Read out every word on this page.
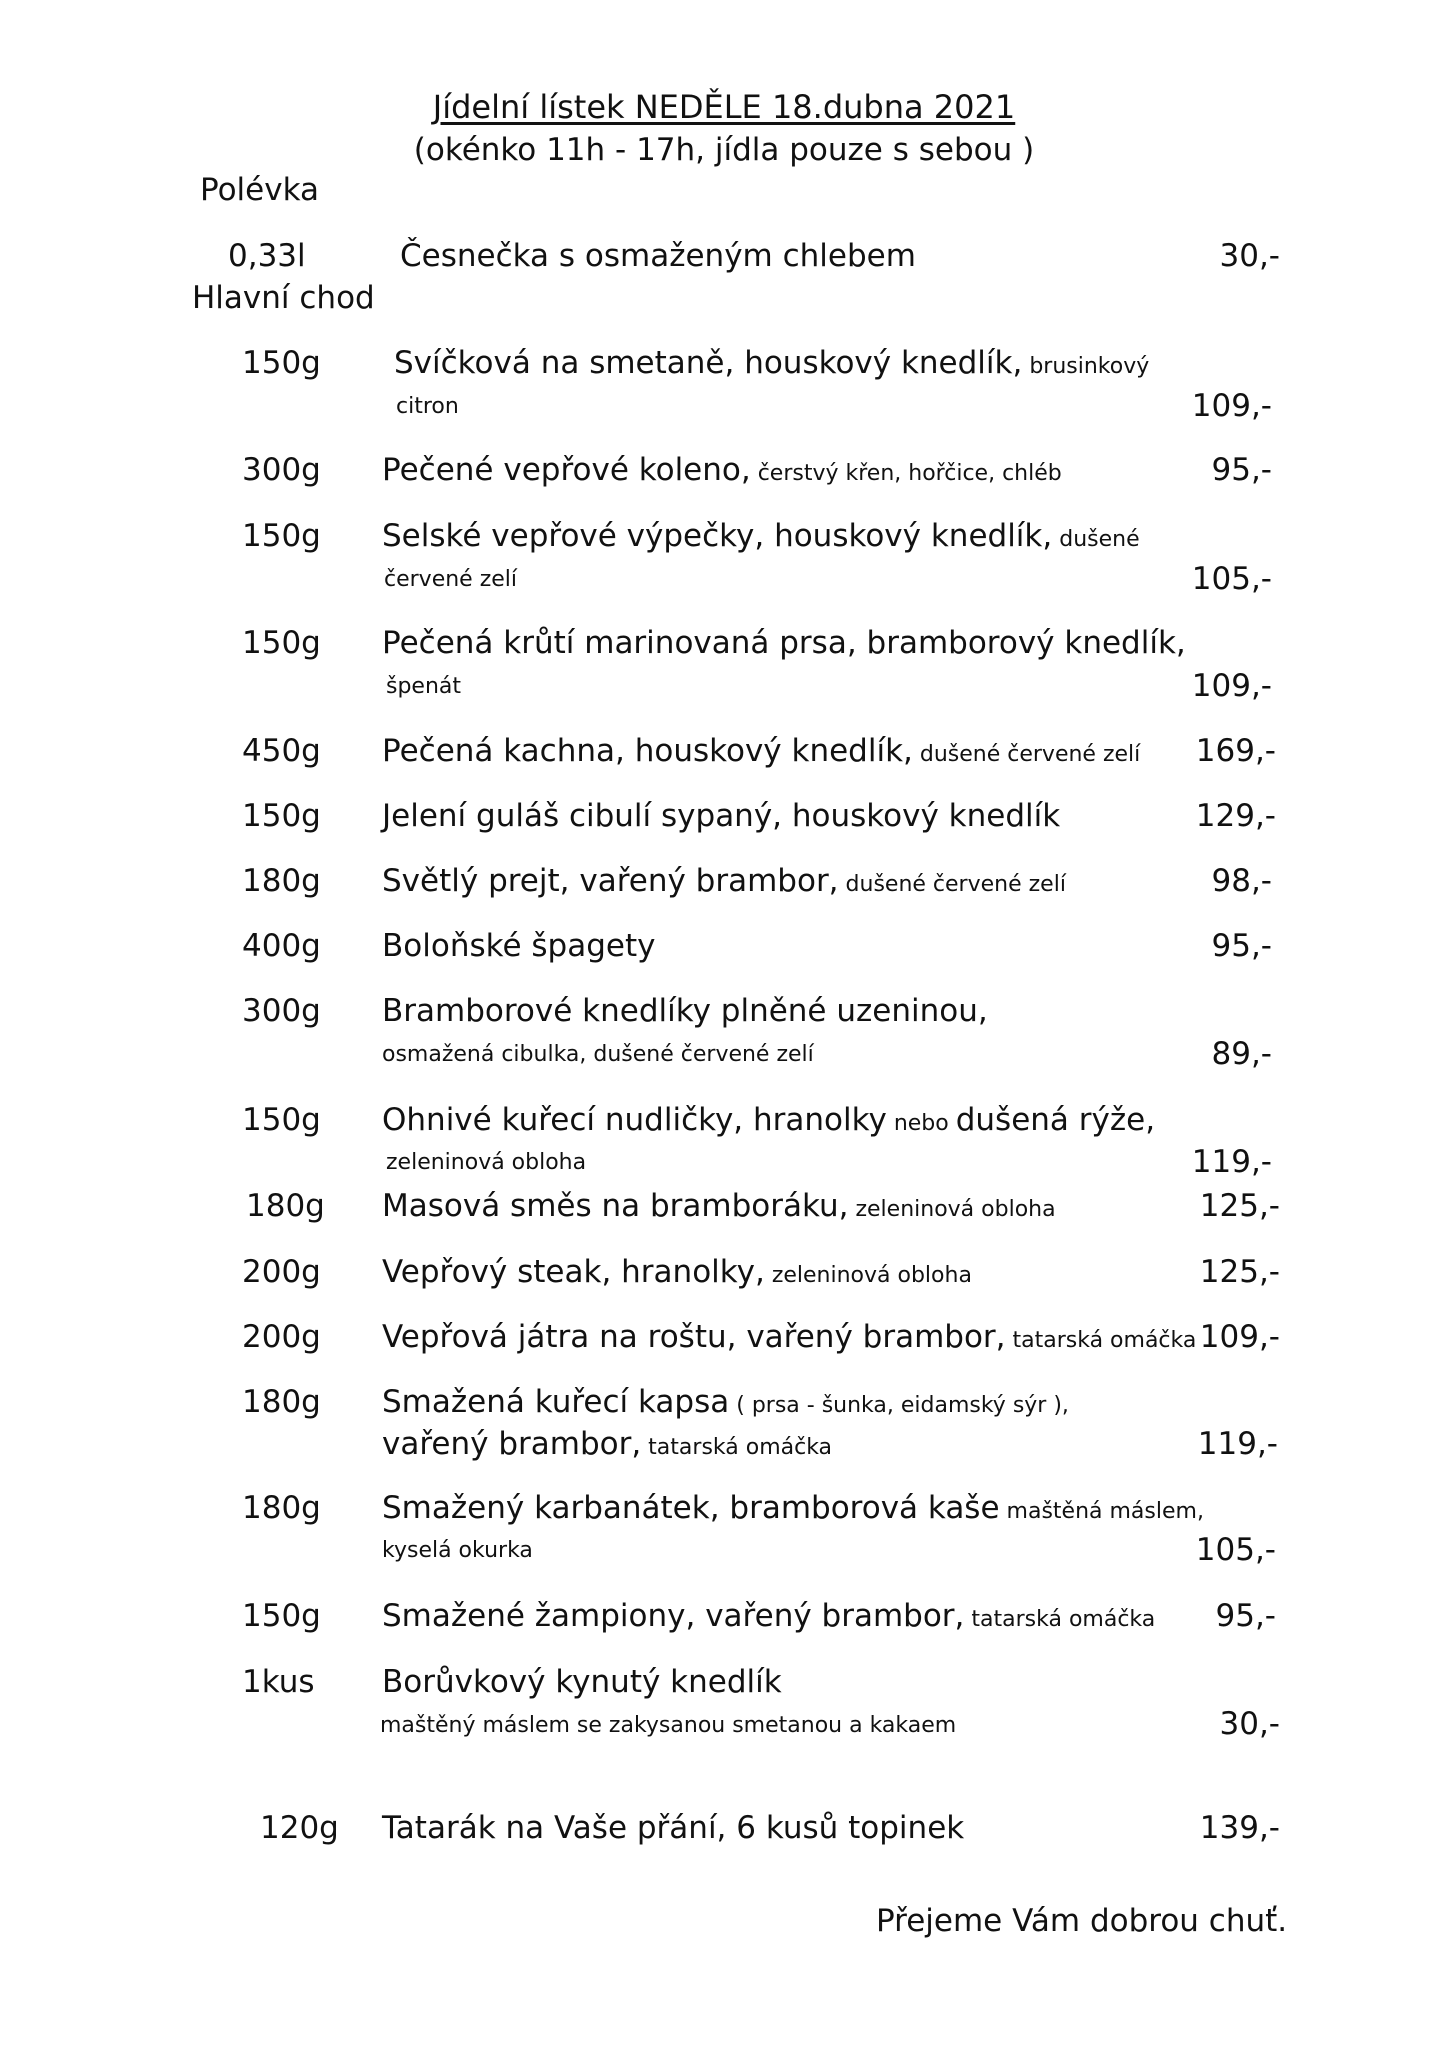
Jídelní lístek NEDĚLE 18.dubna 2021
(okénko 11h - 17h, jídla pouze s sebou )
Polévka
0,33l	Česnečka s osmaženým chlebem	30,-
Hlavní chod
150g Svíčková na smetaně, houskový knedlík, brusinkový
citron	109,-
300g Pečené vepřové koleno, čerstvý křen, hořčice, chléb	95,-
150g Selské vepřové výpečky, houskový knedlík, dušené
červené zelí	105,-
150g Pečená krůtí marinovaná prsa, bramborový knedlík,
špenát	109,-
450g Pečená kachna, houskový knedlík, dušené červené zelí	169,-
150g Jelení guláš cibulí sypaný, houskový knedlík	129,-
180g Světlý prejt, vařený brambor, dušené červené zelí	98,-
400g Boloňské špagety	95,-
300g Bramborové knedlíky plněné uzeninou,
osmažená cibulka, dušené červené zelí	89,-
150g Ohnivé kuřecí nudličky, hranolky nebo dušená rýže,
zeleninová obloha	119,-
180g Masová směs na bramboráku, zeleninová obloha	125,-
200g Vepřový steak, hranolky, zeleninová obloha	125,-
200g Vepřová játra na roštu, vařený brambor, tatarská omáčka 109,-
180g Smažená kuřecí kapsa ( prsa - šunka, eidamský sýr ),
vařený brambor, tatarská omáčka	119,-
180g Smažený karbanátek, bramborová kaše maštěná máslem,
kyselá okurka	105,-
150g Smažené žampiony, vařený brambor, tatarská omáčka	95,-
1kus Borůvkový kynutý knedlík
maštěný máslem se zakysanou smetanou a kakaem	30,-
120g Tatarák na Vaše přání, 6 kusů topinek	139,-
Přejeme Vám dobrou chuť.
